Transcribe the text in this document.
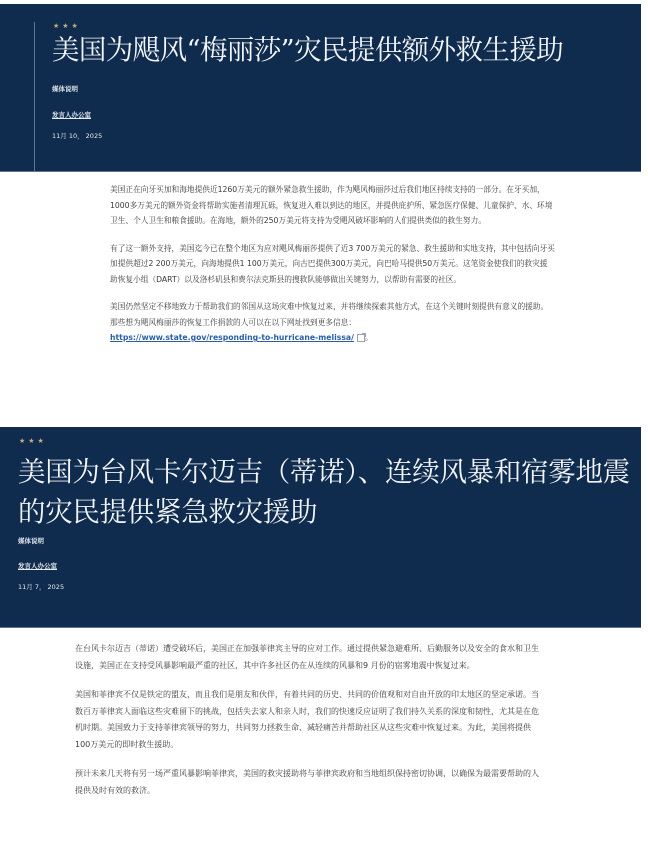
★★★
美国为飓风“梅丽莎”灾民提供额外救生援助
媒体说明
发言人办公室
11月 10， 2025

美国正在向牙买加和海地提供近1260万美元的额外紧急救生援助，作为飓风梅丽莎过后我们地区持续支持的一部分。在牙买加，1000多万美元的额外资金将帮助实施者清理瓦砾，恢复进入难以到达的地区，并提供庇护所、紧急医疗保健、儿童保护、水、环境卫生、个人卫生和粮食援助。在海地，额外的250万美元将支持为受飓风破坏影响的人们提供类似的救生努力。

有了这一额外支持，美国迄今已在整个地区为应对飓风梅丽莎提供了近3 700万美元的紧急、救生援助和实地支持，其中包括向牙买加提供超过2 200万美元，向海地提供1 100万美元，向古巴提供300万美元，向巴哈马提供50万美元。这笔资金使我们的救灾援助恢复小组（DART）以及洛杉矶县和费尔法克斯县的搜救队能够做出关键努力，以帮助有需要的社区。

美国仍然坚定不移地致力于帮助我们的邻国从这场灾难中恢复过来，并将继续探索其他方式，在这个关键时刻提供有意义的援助。那些想为飓风梅丽莎的恢复工作捐款的人可以在以下网址找到更多信息：
https://www.state.gov/responding-to-hurricane-melissa/ 。

★★★
美国为台风卡尔迈吉（蒂诺）、连续风暴和宿雾地震的灾民提供紧急救灾援助
媒体说明
发言人办公室
11月 7， 2025

在台风卡尔迈吉（蒂诺）遭受破坏后，美国正在加强菲律宾主导的应对工作。通过提供紧急避难所、后勤服务以及安全的食水和卫生设施，美国正在支持受风暴影响最严重的社区，其中许多社区仍在从连续的风暴和9 月份的宿雾地震中恢复过来。

美国和菲律宾不仅是铁定的盟友，而且我们是朋友和伙伴，有着共同的历史、共同的价值观和对自由开放的印太地区的坚定承诺。当数百万菲律宾人面临这些灾难留下的挑战，包括失去家人和亲人时，我们的快速反应证明了我们持久关系的深度和韧性，尤其是在危机时期。美国致力于支持菲律宾领导的努力，共同努力拯救生命、减轻痛苦并帮助社区从这些灾难中恢复过来。为此，美国将提供100万美元的即时救生援助。

预计未来几天将有另一场严重风暴影响菲律宾，美国的救灾援助将与菲律宾政府和当地组织保持密切协调，以确保为最需要帮助的人提供及时有效的救济。
